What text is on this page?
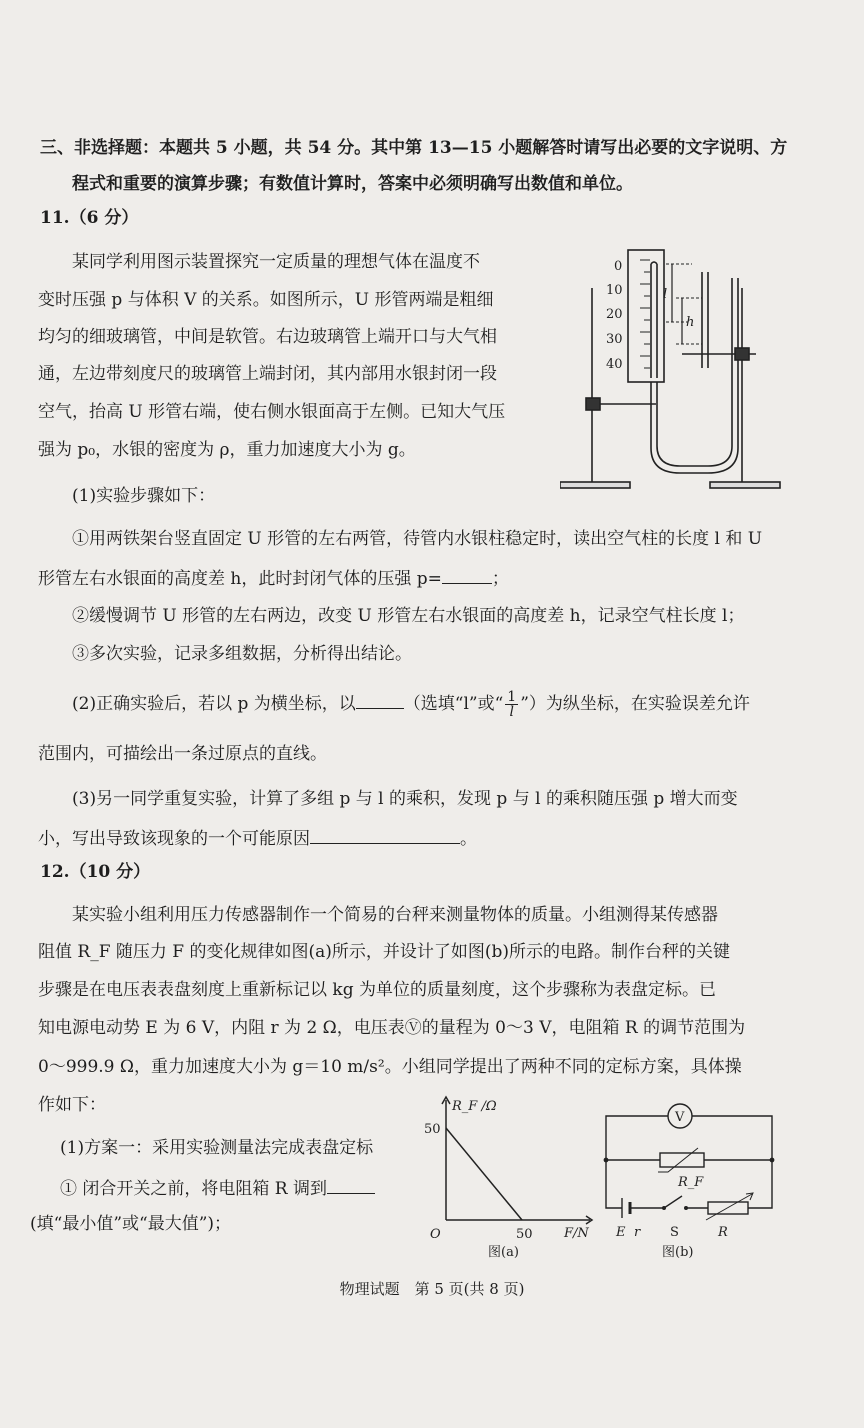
三、非选择题：本题共 5 小题，共 54 分。其中第 13—15 小题解答时请写出必要的文字说明、方
程式和重要的演算步骤；有数值计算时，答案中必须明确写出数值和单位。
11.（6 分）
某同学利用图示装置探究一定质量的理想气体在温度不
变时压强 p 与体积 V 的关系。如图所示，U 形管两端是粗细
均匀的细玻璃管，中间是软管。右边玻璃管上端开口与大气相
通，左边带刻度尺的玻璃管上端封闭，其内部用水银封闭一段
空气，抬高 U 形管右端，使右侧水银面高于左侧。已知大气压
强为 p₀，水银的密度为 ρ，重力加速度大小为 g。
0
10
20
30
40
l
h
(1)实验步骤如下：
①用两铁架台竖直固定 U 形管的左右两管，待管内水银柱稳定时，读出空气柱的长度 l 和 U
形管左右水银面的高度差 h，此时封闭气体的压强 p=	；
②缓慢调节 U 形管的左右两边，改变 U 形管左右水银面的高度差 h，记录空气柱长度 l；
③多次实验，记录多组数据，分析得出结论。
(2)正确实验后，若以 p 为横坐标，以	（选填“l”或“ $\frac{1}{l}$ ”）为纵坐标，在实验误差允许
范围内，可描绘出一条过原点的直线。
(3)另一同学重复实验，计算了多组 p 与 l 的乘积，发现 p 与 l 的乘积随压强 p 增大而变
小，写出导致该现象的一个可能原因	。
12.（10 分）
某实验小组利用压力传感器制作一个简易的台秤来测量物体的质量。小组测得某传感器
阻值 R_F 随压力 F 的变化规律如图(a)所示，并设计了如图(b)所示的电路。制作台秤的关键
步骤是在电压表表盘刻度上重新标记以 kg 为单位的质量刻度，这个步骤称为表盘定标。已
知电源电动势 E 为 6 V，内阻 r 为 2 Ω，电压表Ⓥ的量程为 0～3 V，电阻箱 R 的调节范围为
0～999.9 Ω，重力加速度大小为 g＝10 m/s²。小组同学提出了两种不同的定标方案，具体操
作如下：
(1)方案一：采用实验测量法完成表盘定标
① 闭合开关之前，将电阻箱 R 调到
(填“最小值”或“最大值”)；
R_F /Ω
F/N
O
50
50
图(a)
V
R_F
E r S	R
图(b)
物理试题　第 5 页(共 8 页)
